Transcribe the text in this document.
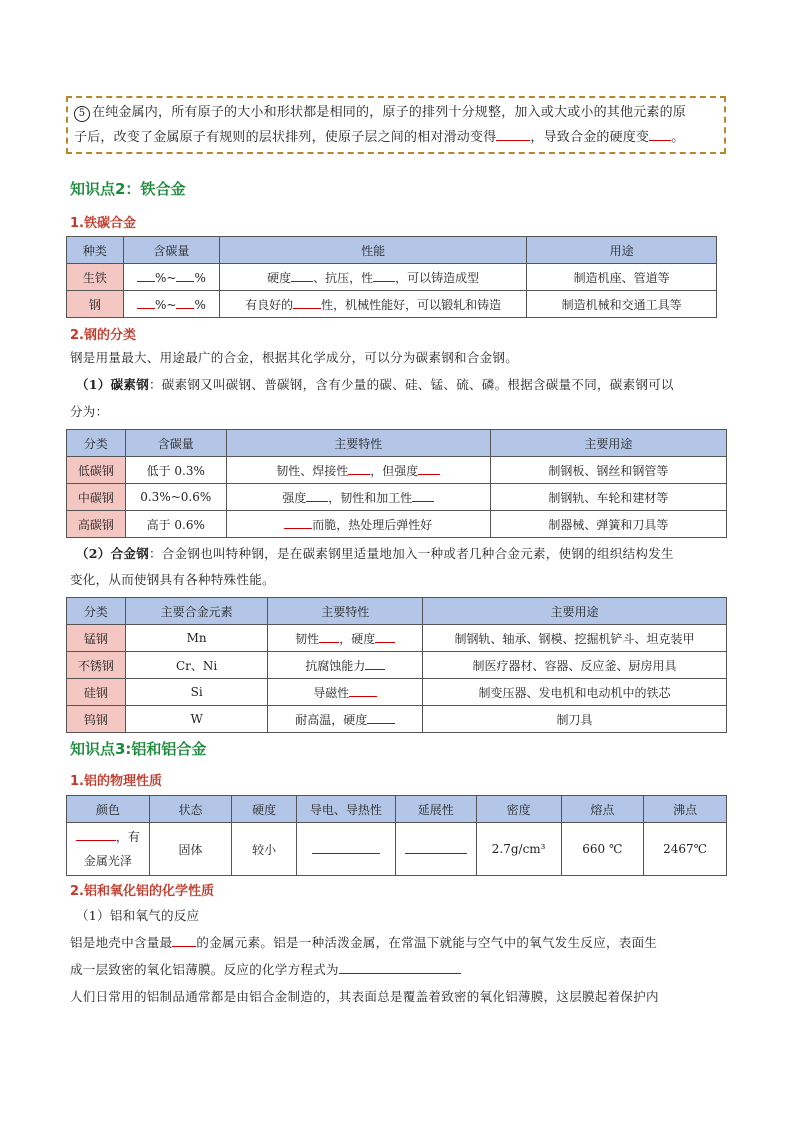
5 在纯金属内，所有原子的大小和形状都是相同的，原子的排列十分规整，加入或大或小的其他元素的原

子后，改变了金属原子有规则的层状排列，使原子层之间的相对滑动变得	，导致合金的硬度变 。

知识点2：铁合金
1.铁碳合金
种类	含碳量	性能	用途
生铁	%~ %	硬度 、抗压，性 ，可以铸造成型	制造机座、管道等
钢	%~ %	有良好的 性，机械性能好，可以锻轧和铸造	制造机械和交通工具等
2.钢的分类

钢是用量最大、用途最广的合金，根据其化学成分，可以分为碳素钢和合金钢。

（1）碳素钢：碳素钢又叫碳钢、普碳钢，含有少量的碳、硅、锰、硫、磷。根据含碳量不同，碳素钢可以

分为：

分类	含碳量	主要特性	主要用途
低碳钢	低于 0.3%	韧性、焊接性 ，但强度	制钢板、钢丝和钢管等
中碳钢	0.3%~0.6%	强度 ，韧性和加工性	制钢轨、车轮和建材等
高碳钢	高于 0.6%	而脆，热处理后弹性好	制器械、弹簧和刀具等

（2）合金钢：合金钢也叫特种钢，是在碳素钢里适量地加入一种或者几种合金元素，使钢的组织结构发生

变化，从而使钢具有各种特殊性能。

分类	主要合金元素	主要特性	主要用途
锰钢	Mn	韧性 ，硬度	制钢轨、轴承、钢模、挖掘机铲斗、坦克装甲
不锈钢	Cr、Ni	抗腐蚀能力	制医疗器材、容器、反应釜、厨房用具
硅钢	Si	导磁性	制变压器、发电机和电动机中的铁芯
钨钢	W	耐高温，硬度	制刀具
知识点3:铝和铝合金
1.铝的物理性质
颜色	状态	硬度	导电、导热性	延展性	密度	熔点	沸点
，有
金属光泽	固体	较小			2.7g/cm³	660 ℃	2467℃
2.铝和氧化铝的化学性质

（1）铝和氧气的反应

铝是地壳中含量最 的金属元素。铝是一种活泼金属，在常温下就能与空气中的氧气发生反应，表面生

成一层致密的氧化铝薄膜。反应的化学方程式为

人们日常用的铝制品通常都是由铝合金制造的，其表面总是覆盖着致密的氧化铝薄膜，这层膜起着保护内
